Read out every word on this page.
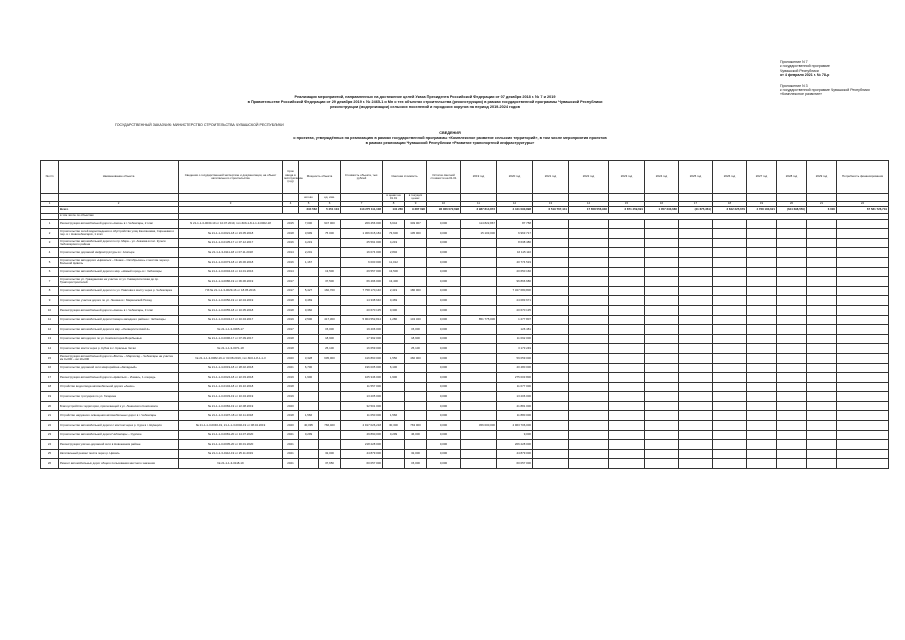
Приложение N 7
к государственной программе
Чувашской Республики
от 4 февраля 2021 г. № 78-р
Приложение N 3
к государственной программе Чувашской Республики
«Комплексное развитие»
Реализация мероприятий, направленных на достижение целей Указа Президента Российской Федерации от 07 декабря 2018 г. № 7 и 2019
в Правительстве Российской Федерации от 29 декабря 2019 г. № 2465-1 и Мн о тех объектах строительства (реконструкции) в рамках государственной программы Чувашской Республики
реконструкции (модернизации) сельских поселений и городских округов на период 2019-2024 годов
ГОСУДАРСТВЕННЫЙ ЗАКАЗЧИК: МИНИСТЕРСТВО СТРОИТЕЛЬСТВА ЧУВАШСКОЙ РЕСПУБЛИКИ
СВЕДЕНИЯ
о проектах, утверждённых на реализацию в рамках государственной программы «Комплексное развитие сельских территорий», в том числе мероприятия проектов
в рамках реализации Чувашской Республики «Развитие транспортной инфраструктуры»
№ п/п	Наименование объекта	Сведения о государственной экспертизе и документации, на объект капитального строительства	Срок ввода в эксплуатацию (год)	Мощность объекта		Стоимость объекта, тыс. рублей	Сметная стоимость		Остаток сметной стоимости на 01.01	2019 год	2020 год	2021 год	2022 год	2023 год	2024 год	2025 год	2026 год	2027 год	2028 год	2029 год	Потребность финансирования
				кол-во	ед. изм.		в ценах на 01.01	в текущих ценах													
1	2	3	4	5	6	7	8	9	10	11	12	13	14	15	16	17	18	19	20	21	22
	Всего			234 562	5 451 104	113 275 111,108	131 260	9 387 096	96 066 072,698	3 987 814,873	4 441 090,898	6 519 767,441	17 658 556,936	2 871 459,691	1 057 233,686	(41 675,361)	3 842 225,679	4 768 183,621	(644 698,550)	6 000	67 581 726,719
	в том числе по объектам																				
1	Реконструкция автомобильной дороги «Аниш» в г. Чебоксары, 2 этап	N 21-1-1-3-0030-19 от 10.07.2019, тип ЗКЗ-1-8-1-1-3-0002-18	2015	7,000	947 000	209 456 000	6,644	349 007	0,000	114 822,867	87 758										
2	Строительство сетей водоотведения и обустройство улиц Каштановая, Сиреневая и пер. в г. Новочебоксарск, 1 этап	№ 21-1-1-3-0021-18 от 23.05.2018	2018	3,999	75 000	1 306 615,184	73,600	105 000	0,000	15 103,000	6 963 717										
3	Строительство автомобильной дороги по пр. Мира – ул. Ахазова в пос. Кугеси Чебоксарского района	№ 21-1-1-3-0135-17 от 07.12.2017	2016	4,219		25 591 000	4,219		0,000		8 638 480										
4	Строительство дорожной инфраструктуры в г. Алатыре	№ 21-1-1-3-0111-18 от 07.11.2018	2014	2,201		16 074 000	2,802		0,000		16 115 110										
5	Строительство автодороги «Цивильск – Ишаки – Октябрьское» с мостом через р. Большой Цивиль	№ 21-1-1-3-0073-18 от 26.06.2018	2016	1,167		6 000 000	11,012		0,000		40 774 519										
6	Строительство автомобильной дороги к мкр. «Новый город» в г. Чебоксары	№ 21-1-1-3-0004-16 от 14.01.2016	2014		13,500	29 557 000	13,500		0,000		20 650 160										
7	Строительство ул. Гражданская на участке от ул. Университетская до пр. Тракторостроителей	№ 21-1-1-4-0086-19 от 06.06.2019	2017		37,500	66 496 000	13,400		0,000		96 866 680										
8	Строительство автомобильной дороги по ул. Павлова и мосту через р. Чебоксарка	ПЗ № 21-1-1-3-0029-16 от 18.05.2016	2017	5,427	160,700	7 758 170,140	2,419	180 000	0,000		7 327 680,800										
9	Строительство участка дороги по ул. Ленина в г. Мариинский Посад	№ 21-1-1-3-0050-19 от 22.04.2019	2018	0,469		14 338 640	0,469		0,000		24 083 671										
10	Реконструкция автомобильной дороги «Аниш» в г. Чебоксары, 3 этап	№ 21-1-1-3-0055-18 от 10.05.2018	2018	0,360		20 670 135	0,300		0,000		20 670 135										
11	Строительство автомобильной дороги Северо-западного района г. Чебоксары	№ 21-1-1-3-0034-17 от 10.04.2017	2019	2,500	417,300	5 904 552,814	1,280	143 320	0,000	851 775,006	1 277 807										
12	Строительство автомобильной дороги в мкр. «Университетский-2»	№ 21-1-1-3-0065-17	2017		15,000	19 406 000		15,000	0,000		126 481										
13	Строительство автодороги по ул. Композиторов Воробьевых	№ 21-1-1-3-0096-17 от 07.09.2017	2018		18,900	17 392 000		18,900	0,000		11 092 000										
14	Строительство моста через р. Кубня в с. Красные Четаи	№ 21-1-1-3-0071-18	2018		25,100	16 659 000		25,100	0,000		3 173 249										
15	Реконструкция автомобильной дороги «Волга» – Марпосад – Чебоксары на участке км 0+000 – км 10+000	№ 21-1-1-3-0082-19 от 03.08.2019, тип ЗКЗ-1-8-1-1-3	2020	3,328	605,000	416 860 000	1,550	460 000	0,000		59 059 000										
16	Строительство дорожной сети микрорайона «Западный»	№ 21-1-1-4-0019-18 от 28.02.2018	2021	6,700		196 005 000	6,100		0,000		40 480 000										
17	Реконструкция автомобильной дороги «Цивильск – Ишаки», 1 очередь	№ 21-1-1-3-0024-18 от 22.03.2018	2019	1,900		105 346 000	1,900		0,000		275 003 800										
18	Устройство водоотвода автомобильной дороги «Аниш»	№ 21-1-1-3-0104-18 от 19.10.2018	2018			11 557 000			0,000		11 077 000										
19	Строительство тротуаров по ул. Гагарина	№ 21-1-1-3-0033-19 от 10.04.2019	2019			13 205 000			0,000		13 206 000										
20	Благоустройство территории, прилегающей к ул. Ленинского Комсомола	№ 21-1-1-3-0084-19 от 22.08.2019	2020			32 501 000			0,000		41 881 000										
21	Устройство наружного освещения автомобильных дорог в г. Чебоксары	№ 21-1-1-3-0107-18 от 02.11.2018	2018	1,566		11 050 000	1,566		0,000		11 880 000										
22	Строительство автомобильной дороги с мостом через р. Сура в г. Шумерля	№ 21-1-1-3-0046-19, 21-1-1-3-0040-19 от 08.04.2019	2020	40,095	766,400	4 917 026,218	30,300	763 000	0,000	456 000,000	4 963 706,000										
23	Строительство автомобильной дороги Чебоксары – Сурское	№ 21-1-1-3-0081-20 от 14.07.2020	2021	0,299		49 890,000	0,299	46,000	0,000		9,000										
24	Реконструкция улично-дорожной сети в Новоюжном районе	№ 21-1-1-3-0005-20 от 30.01.2020	2021			218 228 000			0,000		206 228 000										
25	Капитальный ремонт моста через р. Цивиль	№ 21-1-1-3-0112-19 от 25.11.2019	2021		32,000	44 879 000		32,000	0,000		44 879 000										
26	Ремонт автомобильных дорог общего пользования местного значения	№ 21-1-1-3-0118-19	2021		37,650	60 057 000		15,000	0,000		60 057 000										
